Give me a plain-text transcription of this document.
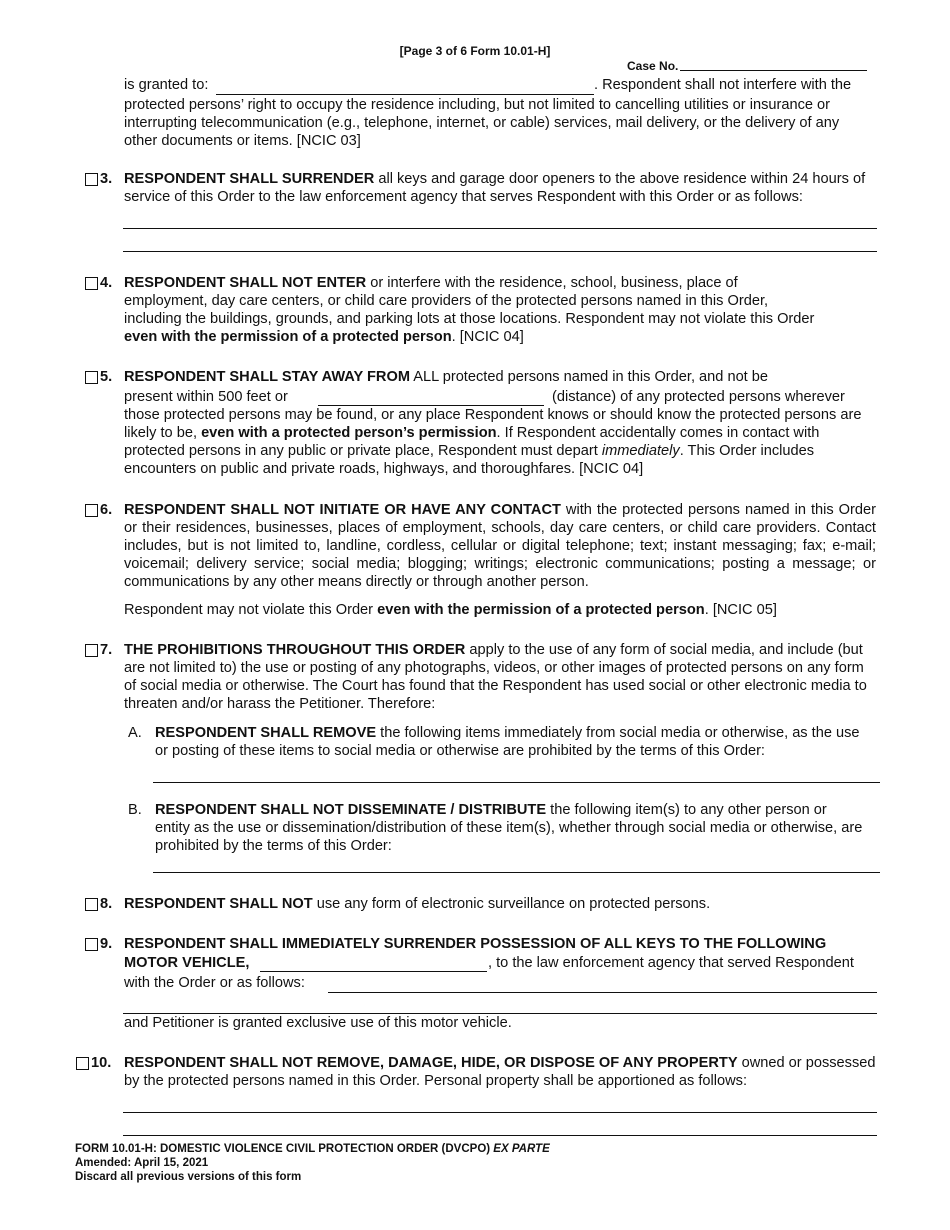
[Page 3 of 6 Form 10.01-H]
Case No.
is granted to:	. Respondent shall not interfere with the
protected persons’ right to occupy the residence including, but not limited to cancelling utilities or insurance or interrupting telecommunication (e.g., telephone, internet, or cable) services, mail delivery, or the delivery of any other documents or items. [NCIC 03]
3. RESPONDENT SHALL SURRENDER all keys and garage door openers to the above residence within 24 hours of service of this Order to the law enforcement agency that serves Respondent with this Order or as follows:
4. RESPONDENT SHALL NOT ENTER or interfere with the residence, school, business, place of employment, day care centers, or child care providers of the protected persons named in this Order, including the buildings, grounds, and parking lots at those locations. Respondent may not violate this Order even with the permission of a protected person. [NCIC 04]
5. RESPONDENT SHALL STAY AWAY FROM ALL protected persons named in this Order, and not be
present within 500 feet or	(distance) of any protected persons wherever
those protected persons may be found, or any place Respondent knows or should know the protected persons are likely to be, even with a protected person’s permission. If Respondent accidentally comes in contact with protected persons in any public or private place, Respondent must depart immediately. This Order includes encounters on public and private roads, highways, and thoroughfares. [NCIC 04]
6. RESPONDENT SHALL NOT INITIATE OR HAVE ANY CONTACT with the protected persons named in this Order or their residences, businesses, places of employment, schools, day care centers, or child care providers. Contact includes, but is not limited to, landline, cordless, cellular or digital telephone; text; instant messaging; fax; e-mail; voicemail; delivery service; social media; blogging; writings; electronic communications; posting a message; or communications by any other means directly or through another person.
Respondent may not violate this Order even with the permission of a protected person. [NCIC 05]
7. THE PROHIBITIONS THROUGHOUT THIS ORDER apply to the use of any form of social media, and include (but are not limited to) the use or posting of any photographs, videos, or other images of protected persons on any form of social media or otherwise. The Court has found that the Respondent has used social or other electronic media to threaten and/or harass the Petitioner. Therefore:
A. RESPONDENT SHALL REMOVE the following items immediately from social media or otherwise, as the use or posting of these items to social media or otherwise are prohibited by the terms of this Order:
B. RESPONDENT SHALL NOT DISSEMINATE / DISTRIBUTE the following item(s) to any other person or entity as the use or dissemination/distribution of these item(s), whether through social media or otherwise, are prohibited by the terms of this Order:
8. RESPONDENT SHALL NOT use any form of electronic surveillance on protected persons.
9. RESPONDENT SHALL IMMEDIATELY SURRENDER POSSESSION OF ALL KEYS TO THE FOLLOWING
MOTOR VEHICLE,	, to the law enforcement agency that served Respondent
with the Order or as follows:
and Petitioner is granted exclusive use of this motor vehicle.
10. RESPONDENT SHALL NOT REMOVE, DAMAGE, HIDE, OR DISPOSE OF ANY PROPERTY owned or possessed by the protected persons named in this Order. Personal property shall be apportioned as follows:
FORM 10.01-H: DOMESTIC VIOLENCE CIVIL PROTECTION ORDER (DVCPO) EX PARTE
Amended: April 15, 2021
Discard all previous versions of this form
